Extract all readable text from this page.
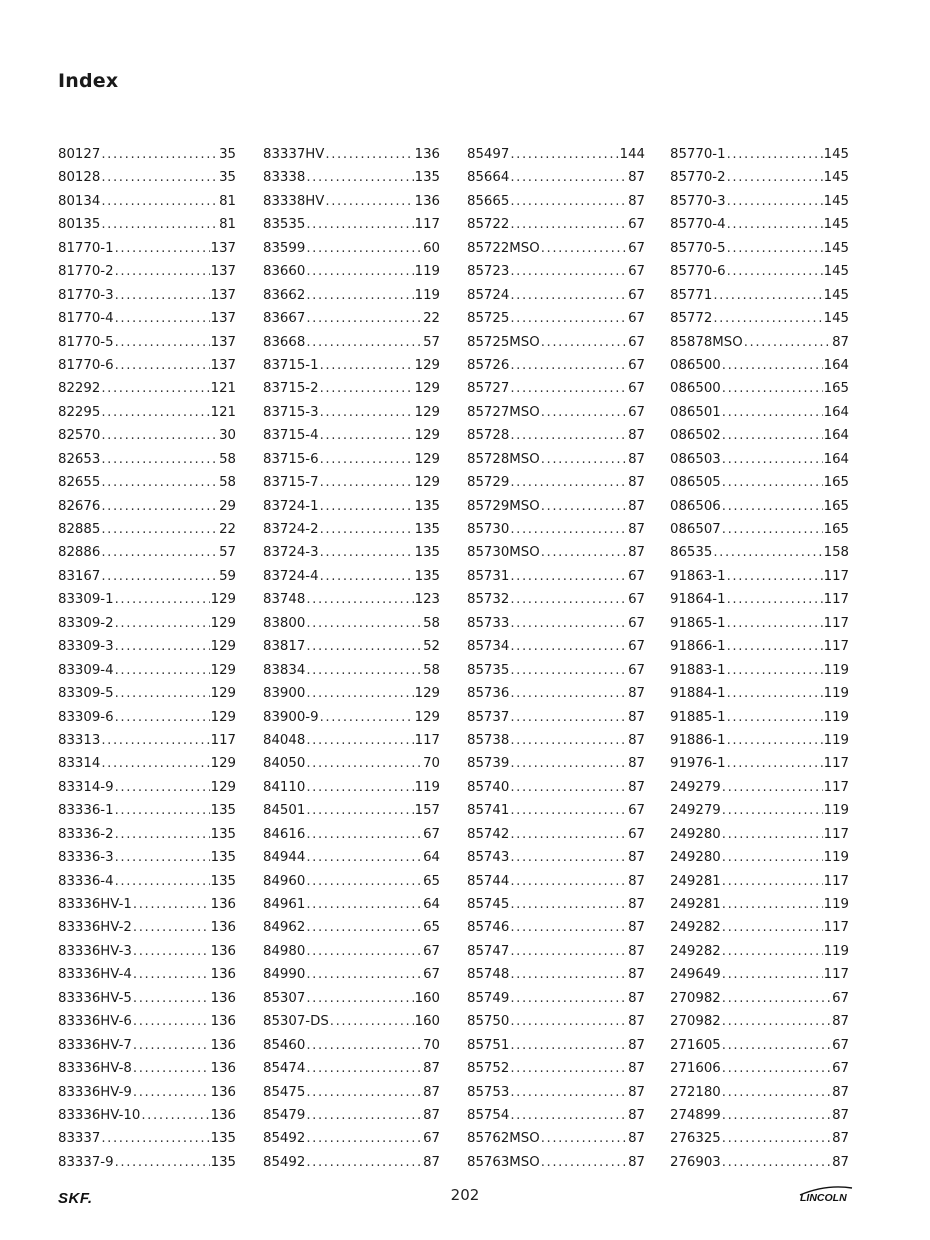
Index
80127 .....	35
80128 .....	35
80134 .....	81
80135 .....	81
81770-1 .....	137
81770-2 .....	137
81770-3 .....	137
81770-4 .....	137
81770-5 .....	137
81770-6 .....	137
82292 .....	121
82295 .....	121
82570 .....	30
82653 .....	58
82655 .....	58
82676 .....	29
82885 .....	22
82886 .....	57
83167 .....	59
83309-1 .....	129
83309-2 .....	129
83309-3 .....	129
83309-4 .....	129
83309-5 .....	129
83309-6 .....	129
83313 .....	117
83314 .....	129
83314-9 .....	129
83336-1 .....	135
83336-2 .....	135
83336-3 .....	135
83336-4 .....	135
83336HV-1 .....	136
83336HV-2 .....	136
83336HV-3 .....	136
83336HV-4 .....	136
83336HV-5 .....	136
83336HV-6 .....	136
83336HV-7 .....	136
83336HV-8 .....	136
83336HV-9 .....	136
83336HV-10 .....	136
83337 .....	135
83337-9 .....	135
83337HV .....	136
83338 .....	135
83338HV .....	136
83535 .....	117
83599 .....	60
83660 .....	119
83662 .....	119
83667 .....	22
83668 .....	57
83715-1 .....	129
83715-2 .....	129
83715-3 .....	129
83715-4 .....	129
83715-6 .....	129
83715-7 .....	129
83724-1 .....	135
83724-2 .....	135
83724-3 .....	135
83724-4 .....	135
83748 .....	123
83800 .....	58
83817 .....	52
83834 .....	58
83900 .....	129
83900-9 .....	129
84048 .....	117
84050 .....	70
84110 .....	119
84501 .....	157
84616 .....	67
84944 .....	64
84960 .....	65
84961 .....	64
84962 .....	65
84980 .....	67
84990 .....	67
85307 .....	160
85307-DS .....	160
85460 .....	70
85474 .....	87
85475 .....	87
85479 .....	87
85492 .....	67
85492 .....	87
85497 .....	144
85664 .....	87
85665 .....	87
85722 .....	67
85722MSO .....	67
85723 .....	67
85724 .....	67
85725 .....	67
85725MSO .....	67
85726 .....	67
85727 .....	67
85727MSO .....	67
85728 .....	87
85728MSO .....	87
85729 .....	87
85729MSO .....	87
85730 .....	87
85730MSO .....	87
85731 .....	67
85732 .....	67
85733 .....	67
85734 .....	67
85735 .....	67
85736 .....	87
85737 .....	87
85738 .....	87
85739 .....	87
85740 .....	87
85741 .....	67
85742 .....	67
85743 .....	87
85744 .....	87
85745 .....	87
85746 .....	87
85747 .....	87
85748 .....	87
85749 .....	87
85750 .....	87
85751 .....	87
85752 .....	87
85753 .....	87
85754 .....	87
85762MSO .....	87
85763MSO .....	87
85770-1 .....	145
85770-2 .....	145
85770-3 .....	145
85770-4 .....	145
85770-5 .....	145
85770-6 .....	145
85771 .....	145
85772 .....	145
85878MSO .....	87
086500 .....	164
086500 .....	165
086501 .....	164
086502 .....	164
086503 .....	164
086505 .....	165
086506 .....	165
086507 .....	165
86535 .....	158
91863-1 .....	117
91864-1 .....	117
91865-1 .....	117
91866-1 .....	117
91883-1 .....	119
91884-1 .....	119
91885-1 .....	119
91886-1 .....	119
91976-1 .....	117
249279 .....	117
249279 .....	119
249280 .....	117
249280 .....	119
249281 .....	117
249281 .....	119
249282 .....	117
249282 .....	119
249649 .....	117
270982 .....	67
270982 .....	87
271605 .....	67
271606 .....	67
272180 .....	87
274899 .....	87
276325 .....	87
276903 .....	87
SKF.	202	LINCOLN
